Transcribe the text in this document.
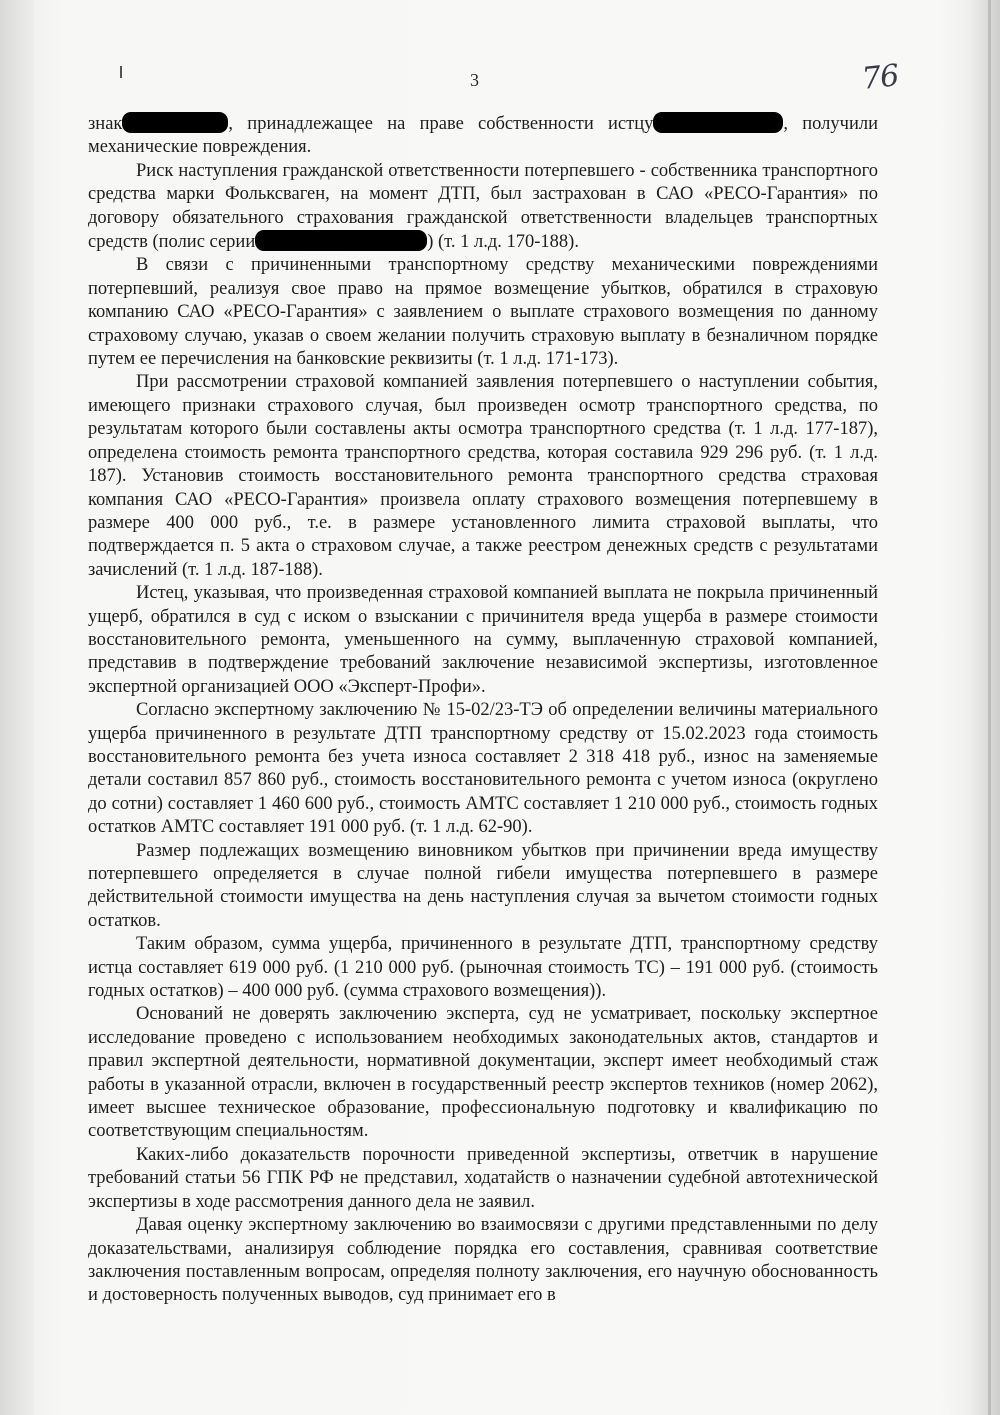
3	76

знак	, принадлежащее на праве собственности истцу	, получили механические повреждения.

Риск наступления гражданской ответственности потерпевшего - собственника транспортного средства марки Фольксваген, на момент ДТП, был застрахован в САО «РЕСО-Гарантия» по договору обязательного страхования гражданской ответственности владельцев транспортных средств (полис серии	) (т. 1 л.д. 170-188).

В связи с причиненными транспортному средству механическими повреждениями потерпевший, реализуя свое право на прямое возмещение убытков, обратился в страховую компанию САО «РЕСО-Гарантия» с заявлением о выплате страхового возмещения по данному страховому случаю, указав о своем желании получить страховую выплату в безналичном порядке путем ее перечисления на банковские реквизиты (т. 1 л.д. 171-173).

При рассмотрении страховой компанией заявления потерпевшего о наступлении события, имеющего признаки страхового случая, был произведен осмотр транспортного средства, по результатам которого были составлены акты осмотра транспортного средства (т. 1 л.д. 177-187), определена стоимость ремонта транспортного средства, которая составила 929 296 руб. (т. 1 л.д. 187). Установив стоимость восстановительного ремонта транспортного средства страховая компания САО «РЕСО-Гарантия» произвела оплату страхового возмещения потерпевшему в размере 400 000 руб., т.е. в размере установленного лимита страховой выплаты, что подтверждается п. 5 акта о страховом случае, а также реестром денежных средств с результатами зачислений (т. 1 л.д. 187-188).

Истец, указывая, что произведенная страховой компанией выплата не покрыла причиненный ущерб, обратился в суд с иском о взыскании с причинителя вреда ущерба в размере стоимости восстановительного ремонта, уменьшенного на сумму, выплаченную страховой компанией, представив в подтверждение требований заключение независимой экспертизы, изготовленное экспертной организацией ООО «Эксперт-Профи».

Согласно экспертному заключению № 15-02/23-ТЭ об определении величины материального ущерба причиненного в результате ДТП транспортному средству от 15.02.2023 года стоимость восстановительного ремонта без учета износа составляет 2 318 418 руб., износ на заменяемые детали составил 857 860 руб., стоимость восстановительного ремонта с учетом износа (округлено до сотни) составляет 1 460 600 руб., стоимость АМТС составляет 1 210 000 руб., стоимость годных остатков АМТС составляет 191 000 руб. (т. 1 л.д. 62-90).

Размер подлежащих возмещению виновником убытков при причинении вреда имуществу потерпевшего определяется в случае полной гибели имущества потерпевшего в размере действительной стоимости имущества на день наступления случая за вычетом стоимости годных остатков.

Таким образом, сумма ущерба, причиненного в результате ДТП, транспортному средству истца составляет 619 000 руб. (1 210 000 руб. (рыночная стоимость ТС) – 191 000 руб. (стоимость годных остатков) – 400 000 руб. (сумма страхового возмещения)).

Оснований не доверять заключению эксперта, суд не усматривает, поскольку экспертное исследование проведено с использованием необходимых законодательных актов, стандартов и правил экспертной деятельности, нормативной документации, эксперт имеет необходимый стаж работы в указанной отрасли, включен в государственный реестр экспертов техников (номер 2062), имеет высшее техническое образование, профессиональную подготовку и квалификацию по соответствующим специальностям.

Каких-либо доказательств порочности приведенной экспертизы, ответчик в нарушение требований статьи 56 ГПК РФ не представил, ходатайств о назначении судебной автотехнической экспертизы в ходе рассмотрения данного дела не заявил.

Давая оценку экспертному заключению во взаимосвязи с другими представленными по делу доказательствами, анализируя соблюдение порядка его составления, сравнивая соответствие заключения поставленным вопросам, определяя полноту заключения, его научную обоснованность и достоверность полученных выводов, суд принимает его в
